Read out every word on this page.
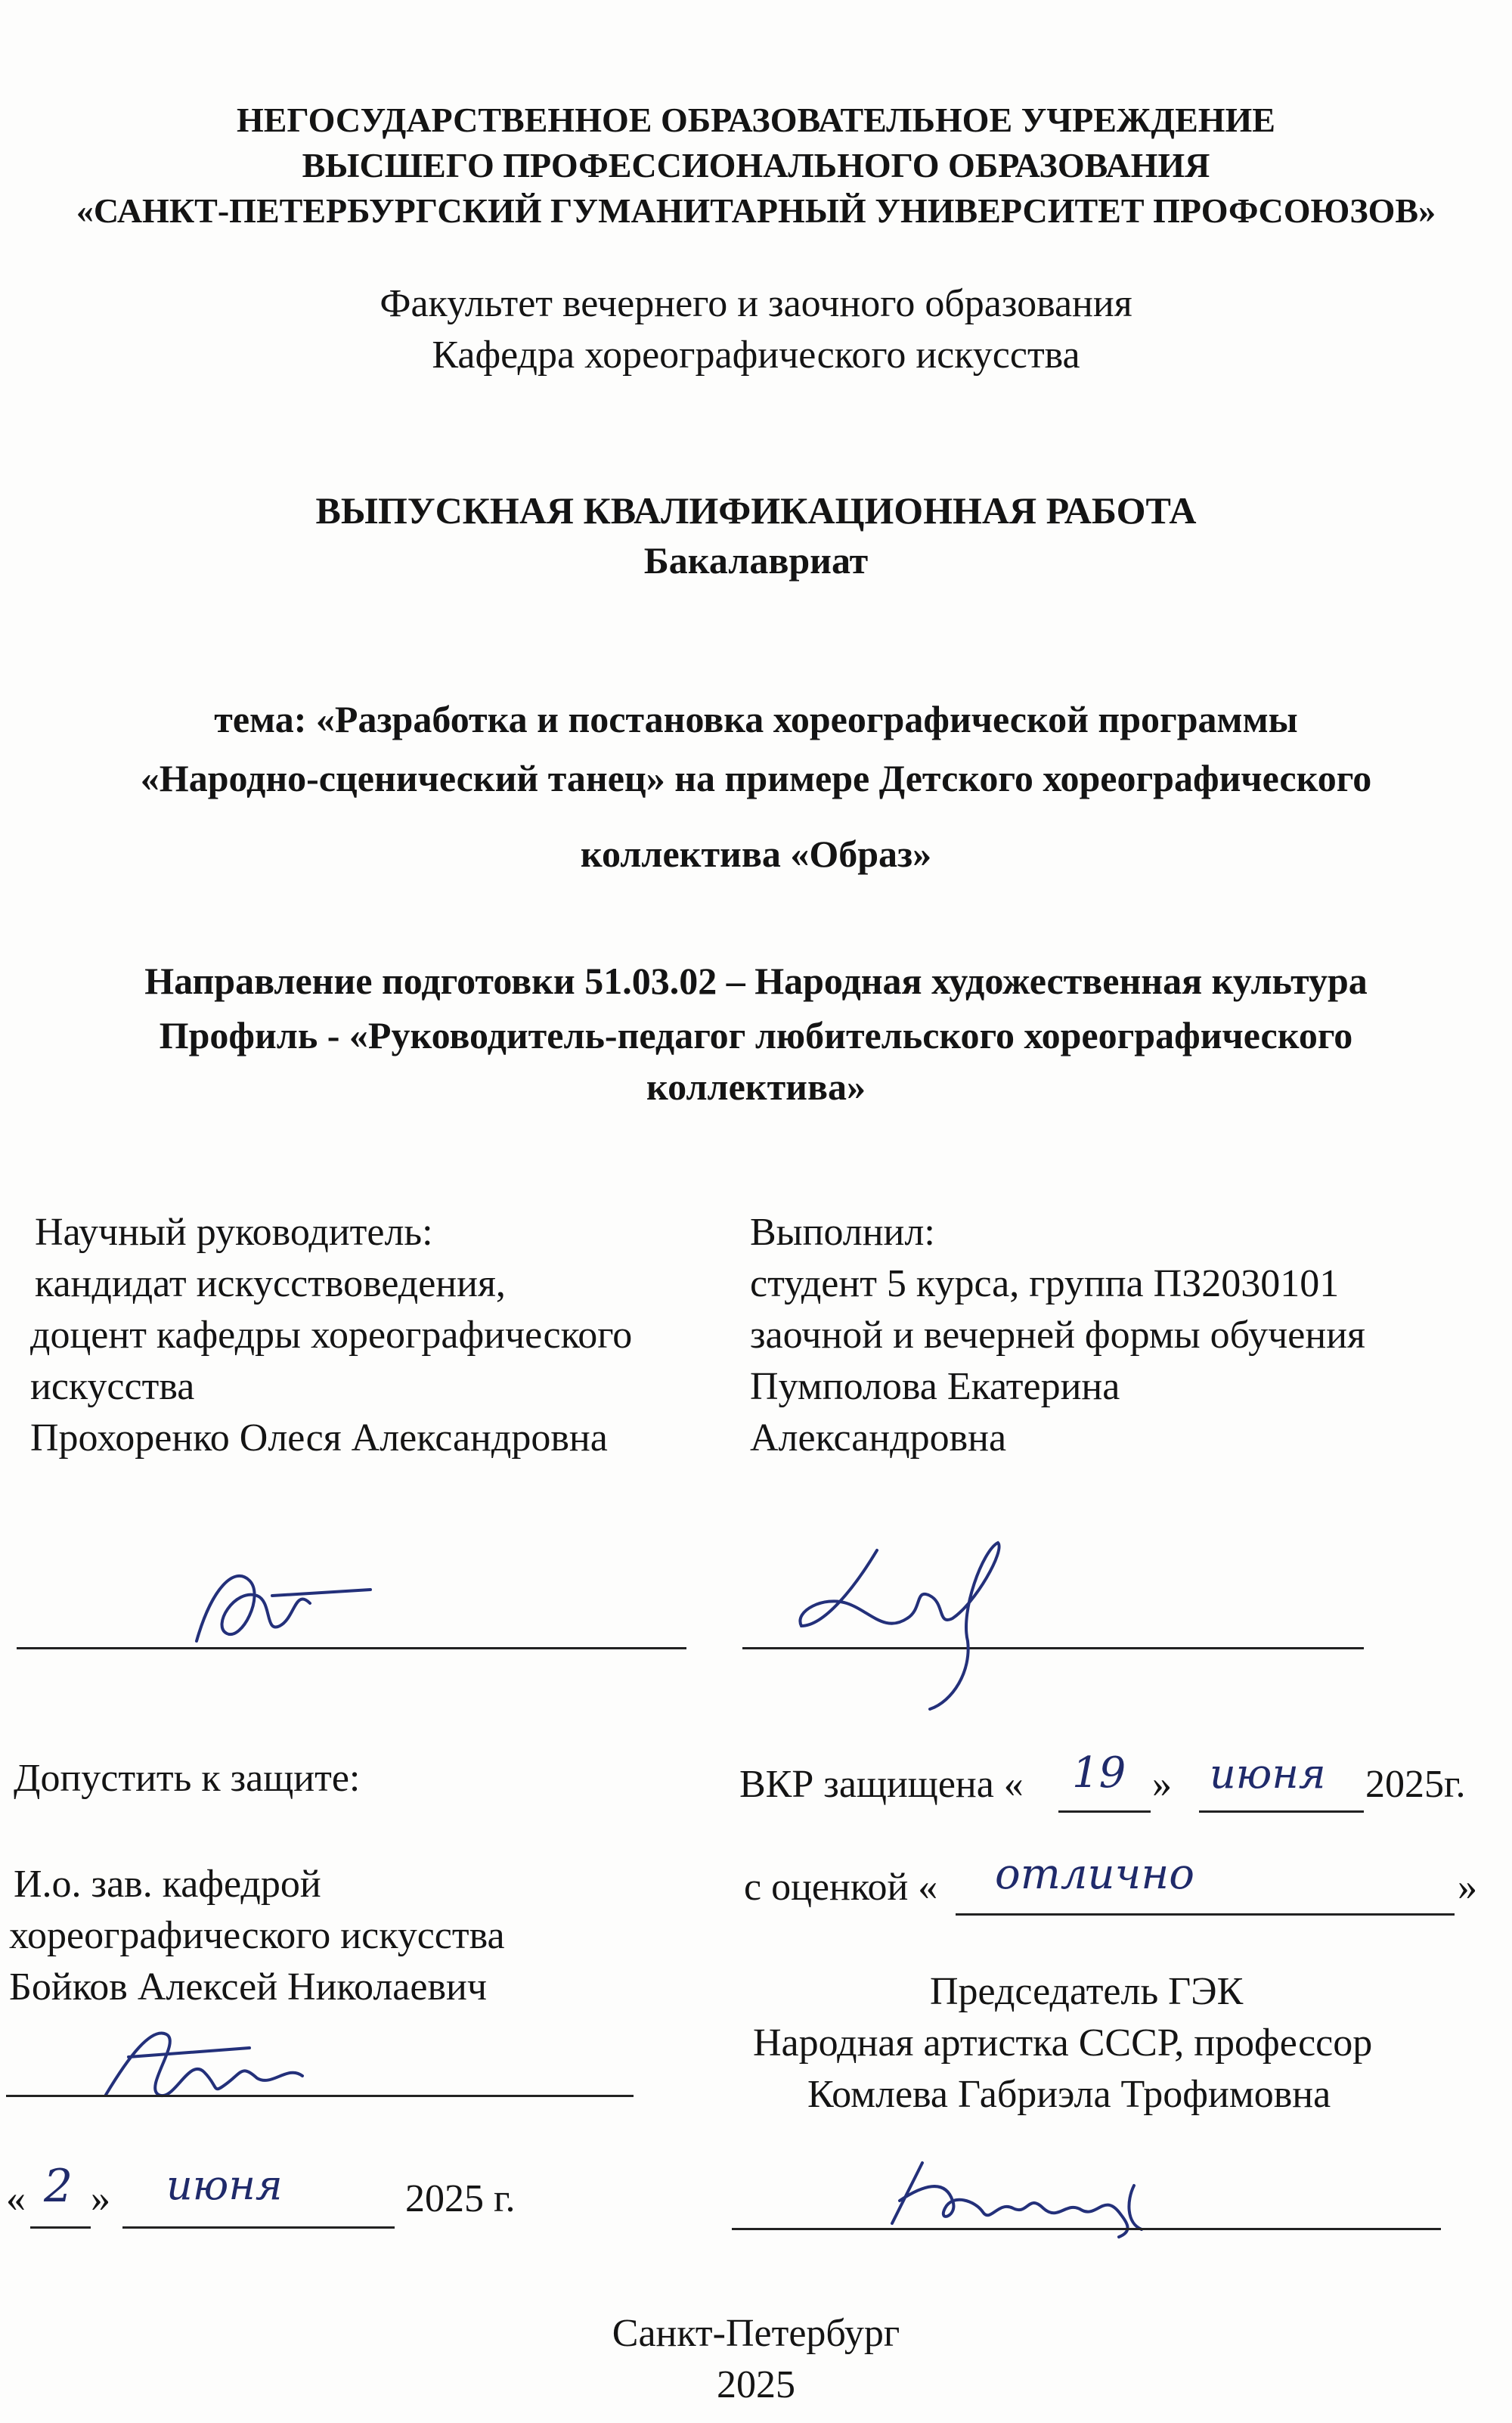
НЕГОСУДАРСТВЕННОЕ ОБРАЗОВАТЕЛЬНОЕ УЧРЕЖДЕНИЕ
ВЫСШЕГО ПРОФЕССИОНАЛЬНОГО ОБРАЗОВАНИЯ
«САНКТ-ПЕТЕРБУРГСКИЙ ГУМАНИТАРНЫЙ УНИВЕРСИТЕТ ПРОФСОЮЗОВ»
Факультет вечернего и заочного образования
Кафедра хореографического искусства
ВЫПУСКНАЯ КВАЛИФИКАЦИОННАЯ РАБОТА
Бакалавриат
тема: «Разработка и постановка хореографической программы
«Народно-сценический танец» на примере Детского хореографического
коллектива «Образ»
Направление подготовки 51.03.02 – Народная художественная культура
Профиль - «Руководитель-педагог любительского хореографического
коллектива»
Научный руководитель:
кандидат искусствоведения,
доцент кафедры хореографического
искусства
Прохоренко Олеся Александровна
Выполнил:
студент 5 курса, группа ПЗ2030101
заочной и вечерней формы обучения
Пумполова Екатерина
Александровна
Допустить к защите:
И.о. зав. кафедрой
хореографического искусства
Бойков Алексей Николаевич
« 2 » июня	2025 г.
ВКР защищена « 19 » июня 2025г.
с оценкой « отлично	»
Председатель ГЭК
Народная артистка СССР, профессор
Комлева Габриэла Трофимовна
Санкт-Петербург
2025
